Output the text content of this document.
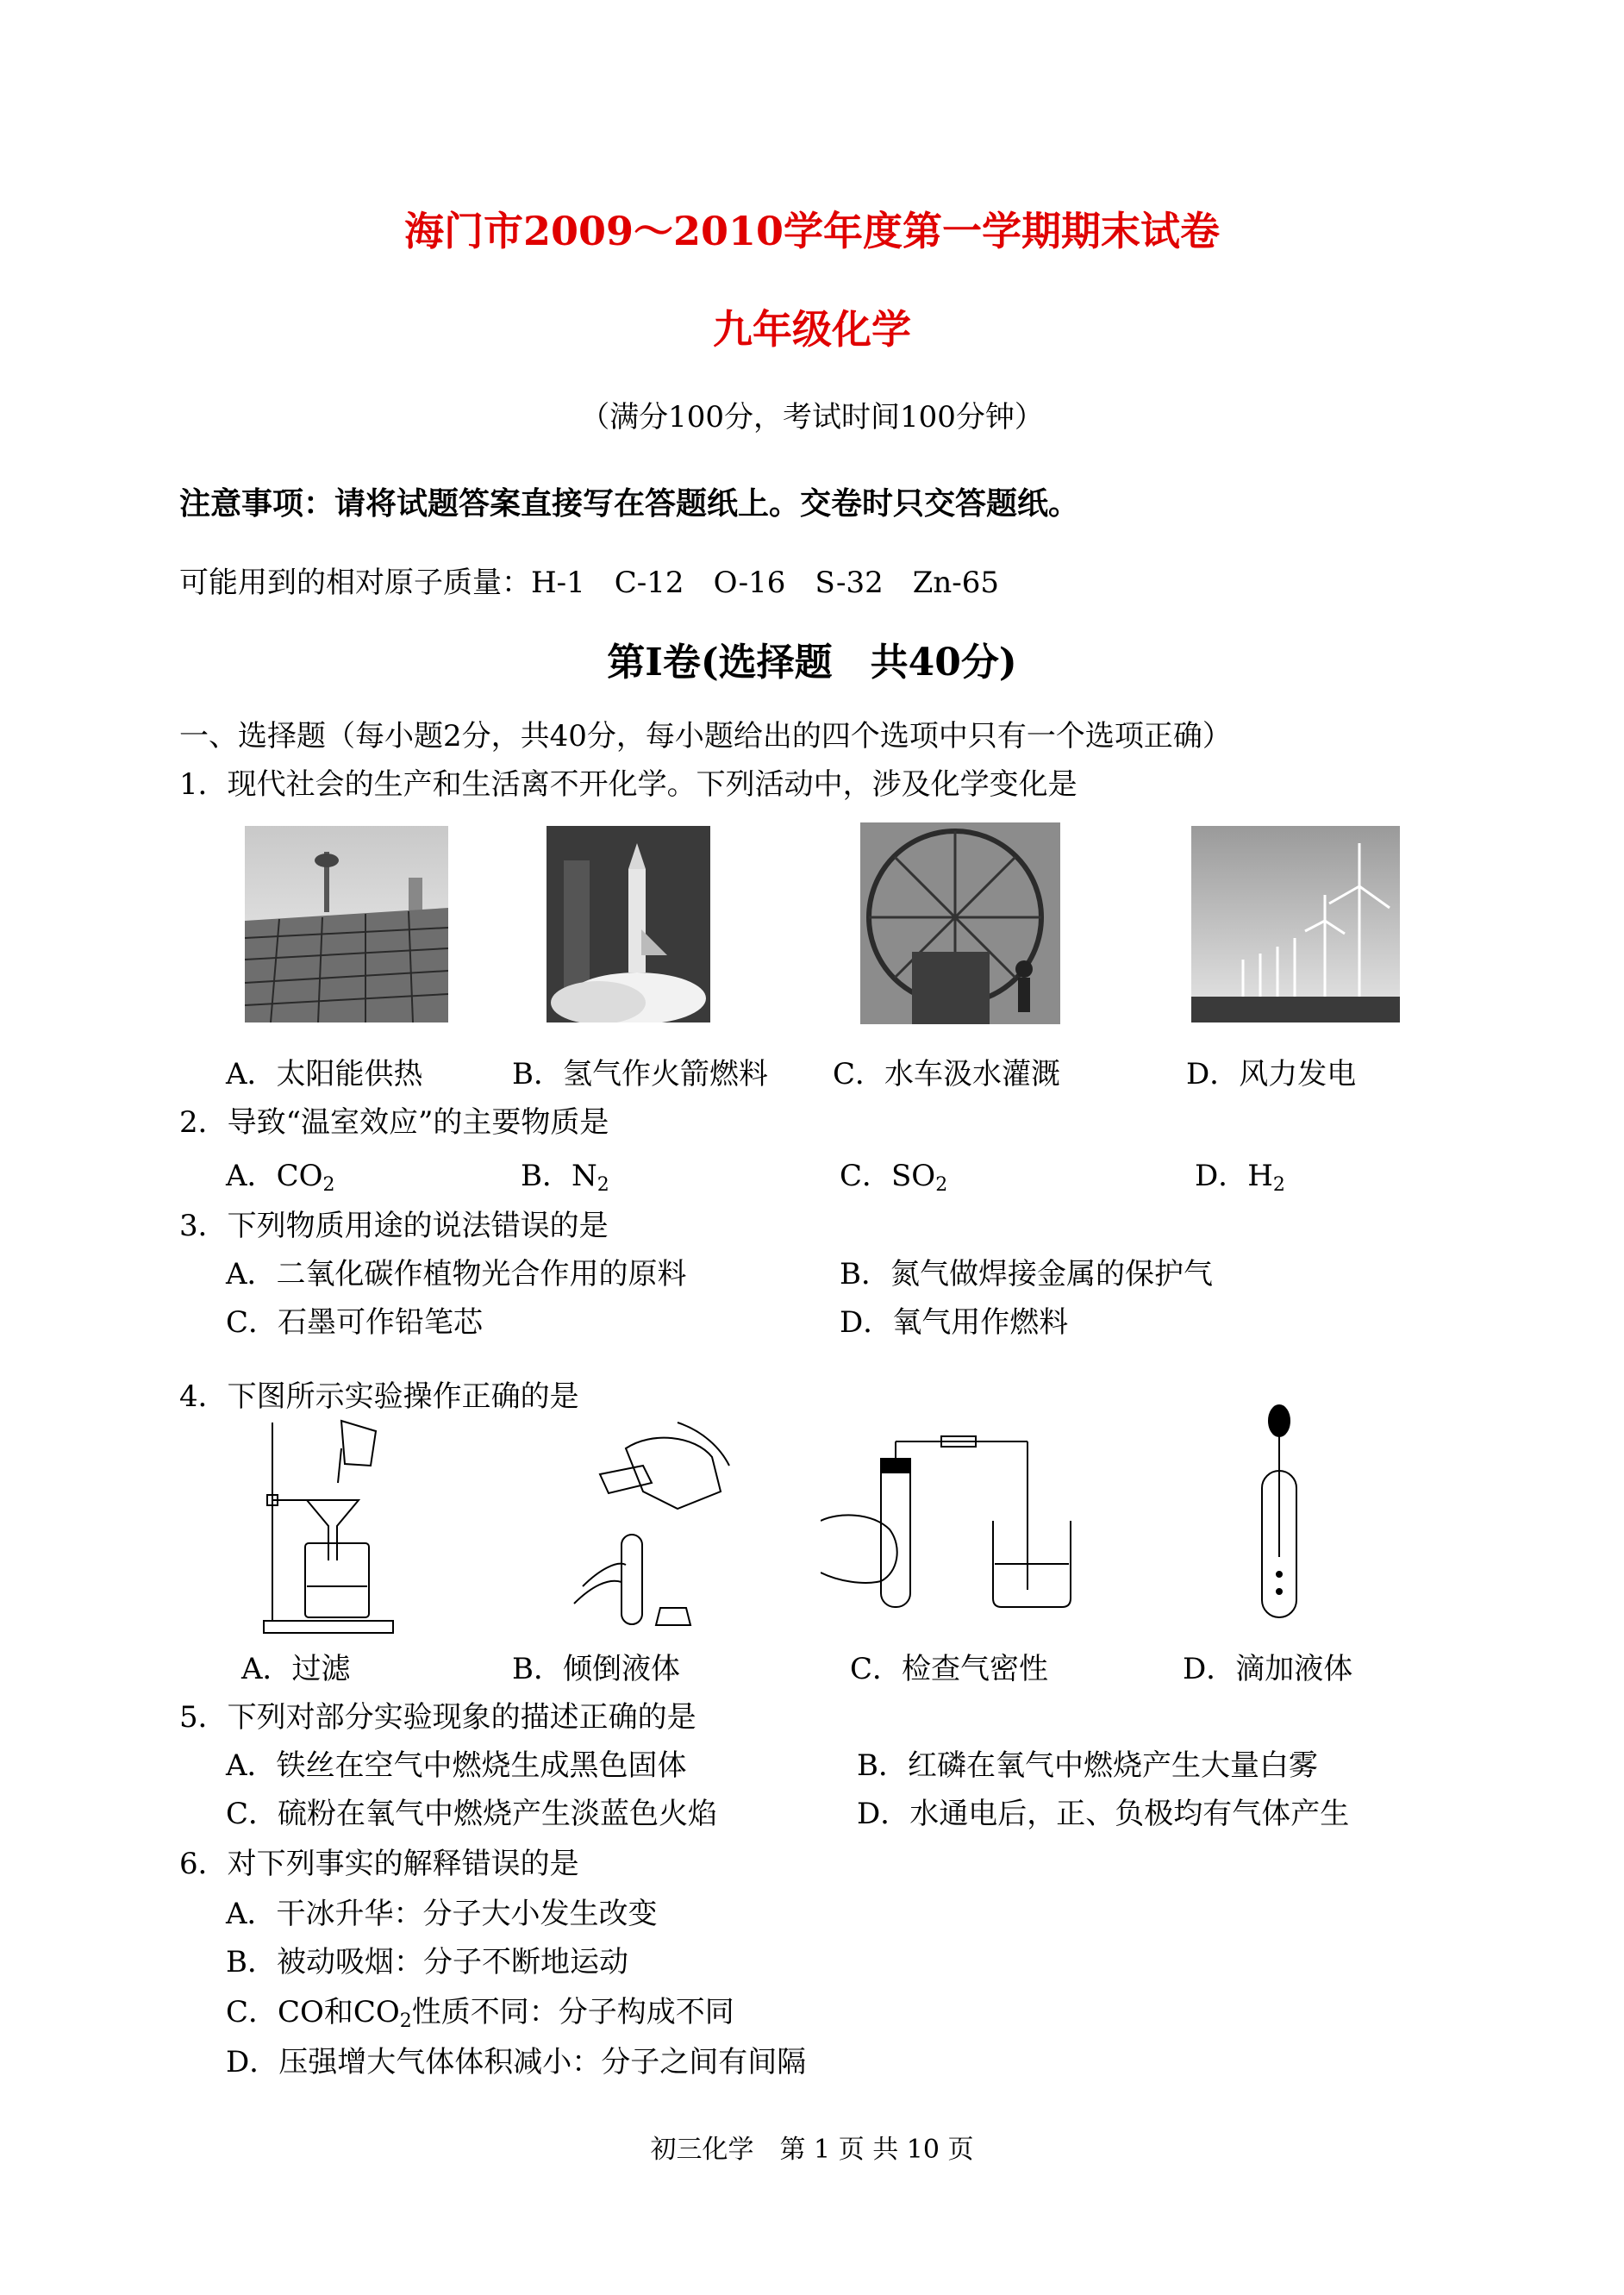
海门市2009～2010学年度第一学期期末试卷
九年级化学
（满分100分，考试时间100分钟）
注意事项：请将试题答案直接写在答题纸上。交卷时只交答题纸。
可能用到的相对原子质量：H-1 C-12 O-16 S-32 Zn-65
第Ⅰ卷(选择题　共40分)
一、选择题（每小题2分，共40分，每小题给出的四个选项中只有一个选项正确）
1．现代社会的生产和生活离不开化学。下列活动中，涉及化学变化是
A．太阳能供热	B．氢气作火箭燃料 C．水车汲水灌溉	D．风力发电
2．导致“温室效应”的主要物质是
A．$CO_2$	B．$N_2$	C．$SO_2$	D．$H_2$
3．下列物质用途的说法错误的是
A．二氧化碳作植物光合作用的原料	B．氮气做焊接金属的保护气
C．石墨可作铅笔芯	D．氧气用作燃料
4．下图所示实验操作正确的是
A．过滤	B．倾倒液体	C．检查气密性	D．滴加液体
5．下列对部分实验现象的描述正确的是
A．铁丝在空气中燃烧生成黑色固体	B．红磷在氧气中燃烧产生大量白雾
C．硫粉在氧气中燃烧产生淡蓝色火焰	D．水通电后，正、负极均有气体产生
6．对下列事实的解释错误的是
A．干冰升华：分子大小发生改变
B．被动吸烟：分子不断地运动
C．CO和$CO_2$性质不同：分子构成不同
D．压强增大气体体积减小：分子之间有间隔
初三化学　第 1 页 共 10 页
